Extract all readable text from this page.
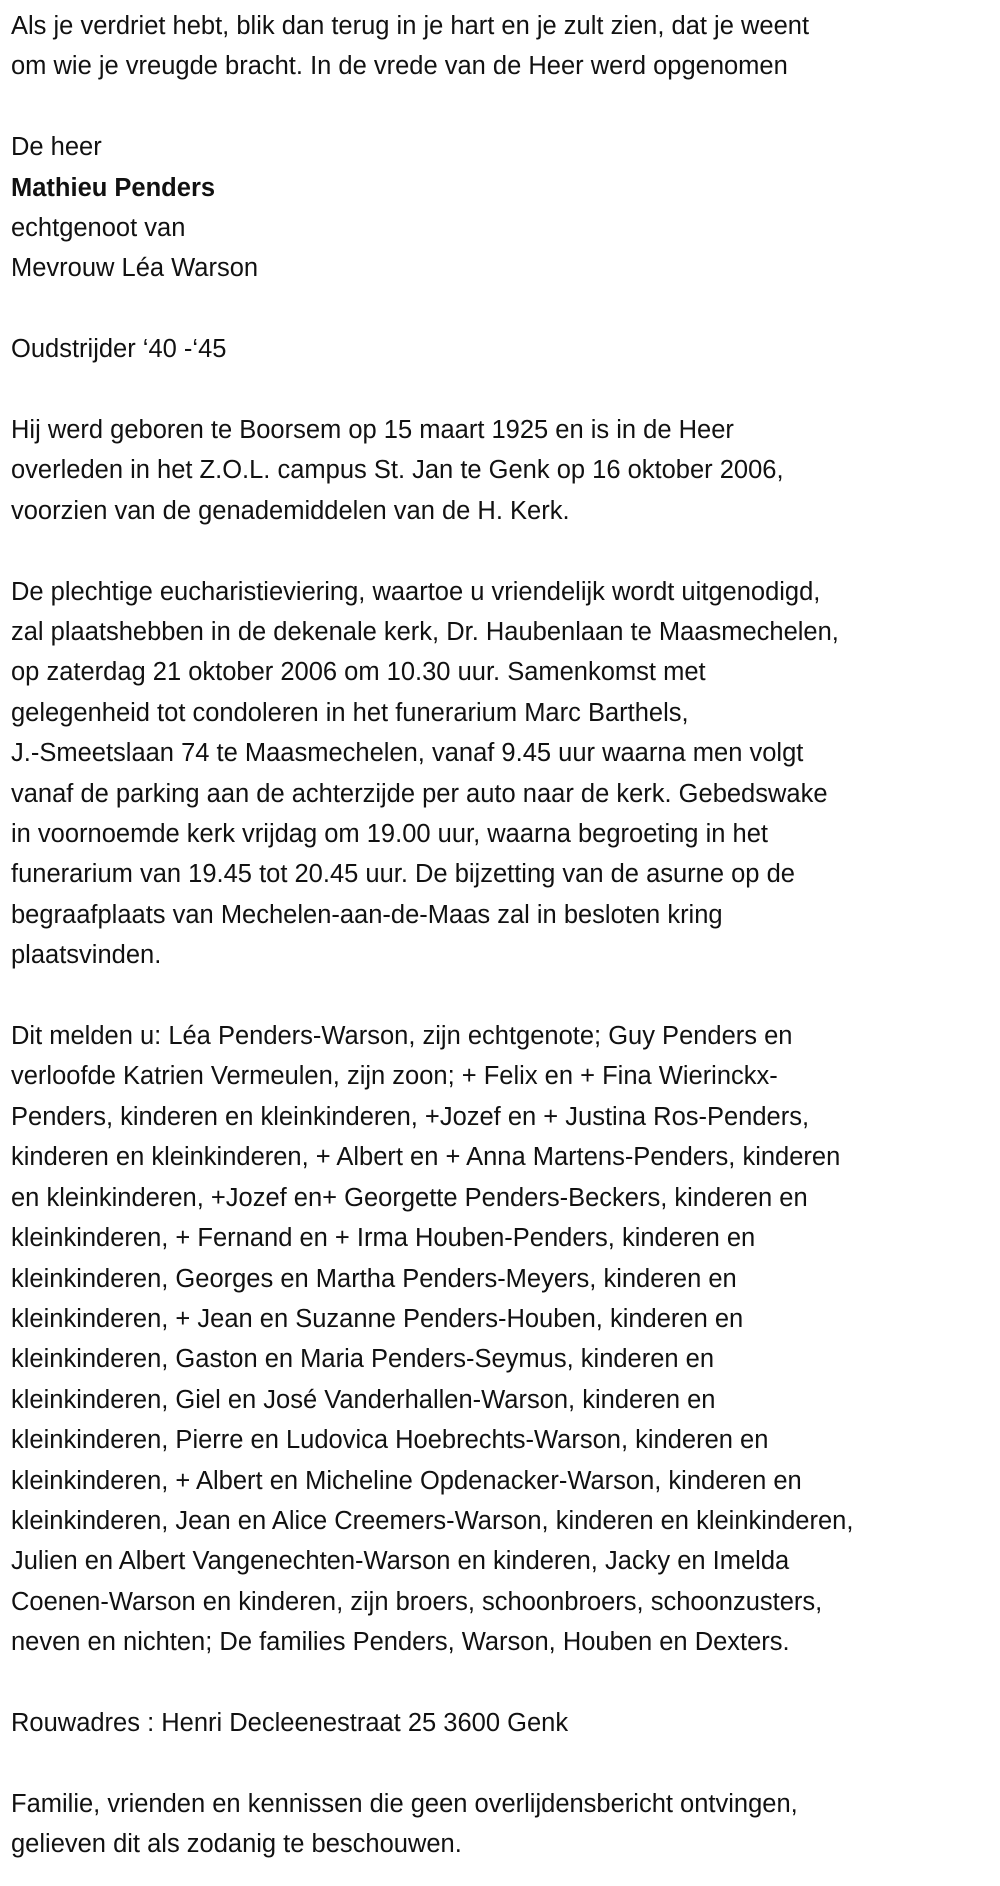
Als je verdriet hebt, blik dan terug in je hart en je zult zien, dat je weent
om wie je vreugde bracht. In de vrede van de Heer werd opgenomen
De heer
Mathieu Penders
echtgenoot van
Mevrouw Léa Warson
Oudstrijder ‘40 -‘45
Hij werd geboren te Boorsem op 15 maart 1925 en is in de Heer
overleden in het Z.O.L. campus St. Jan te Genk op 16 oktober 2006,
voorzien van de genademiddelen van de H. Kerk.
De plechtige eucharistieviering, waartoe u vriendelijk wordt uitgenodigd,
zal plaatshebben in de dekenale kerk, Dr. Haubenlaan te Maasmechelen,
op zaterdag 21 oktober 2006 om 10.30 uur. Samenkomst met
gelegenheid tot condoleren in het funerarium Marc Barthels,
J.-Smeetslaan 74 te Maasmechelen, vanaf 9.45 uur waarna men volgt
vanaf de parking aan de achterzijde per auto naar de kerk. Gebedswake
in voornoemde kerk vrijdag om 19.00 uur, waarna begroeting in het
funerarium van 19.45 tot 20.45 uur. De bijzetting van de asurne op de
begraafplaats van Mechelen-aan-de-Maas zal in besloten kring
plaatsvinden.
Dit melden u: Léa Penders-Warson, zijn echtgenote; Guy Penders en
verloofde Katrien Vermeulen, zijn zoon; + Felix en + Fina Wierinckx-
Penders, kinderen en kleinkinderen, +Jozef en + Justina Ros-Penders,
kinderen en kleinkinderen, + Albert en + Anna Martens-Penders, kinderen
en kleinkinderen, +Jozef en+ Georgette Penders-Beckers, kinderen en
kleinkinderen, + Fernand en + Irma Houben-Penders, kinderen en
kleinkinderen, Georges en Martha Penders-Meyers, kinderen en
kleinkinderen, + Jean en Suzanne Penders-Houben, kinderen en
kleinkinderen, Gaston en Maria Penders-Seymus, kinderen en
kleinkinderen, Giel en José Vanderhallen-Warson, kinderen en
kleinkinderen, Pierre en Ludovica Hoebrechts-Warson, kinderen en
kleinkinderen, + Albert en Micheline Opdenacker-Warson, kinderen en
kleinkinderen, Jean en Alice Creemers-Warson, kinderen en kleinkinderen,
Julien en Albert Vangenechten-Warson en kinderen, Jacky en Imelda
Coenen-Warson en kinderen, zijn broers, schoonbroers, schoonzusters,
neven en nichten; De families Penders, Warson, Houben en Dexters.
Rouwadres : Henri Decleenestraat 25 3600 Genk
Familie, vrienden en kennissen die geen overlijdensbericht ontvingen,
gelieven dit als zodanig te beschouwen.
